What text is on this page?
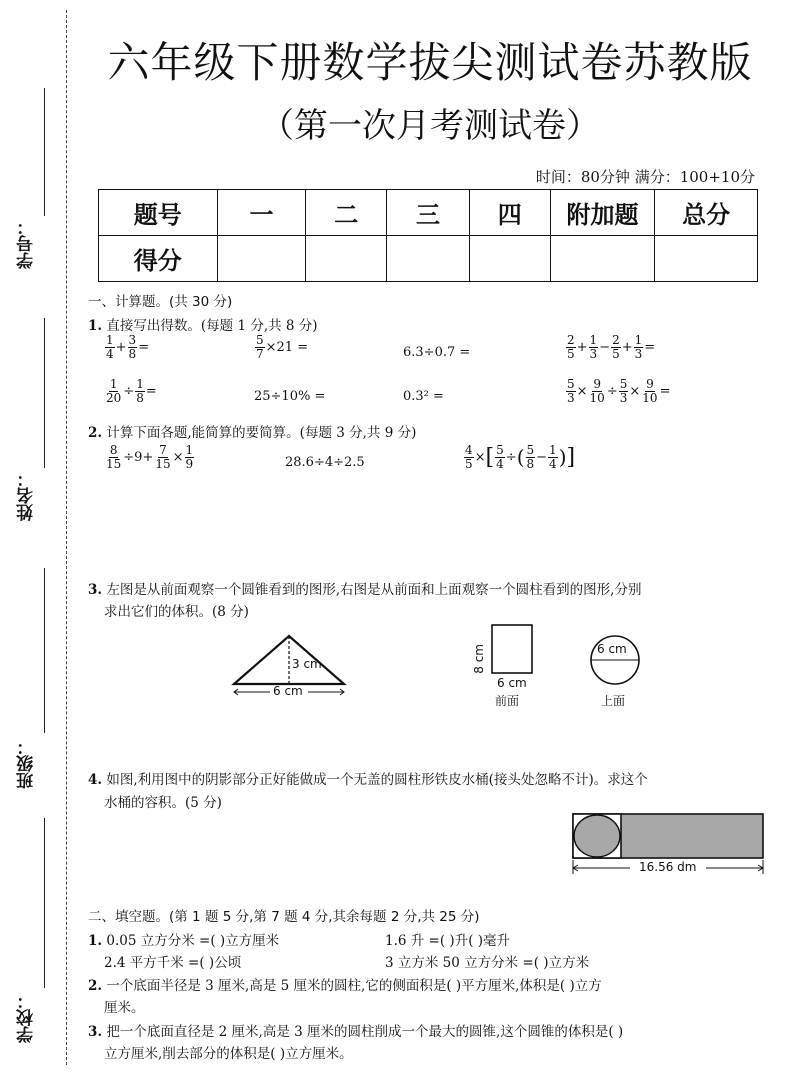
学号：
姓名：
班级：
学校：
六年级下册数学拔尖测试卷苏教版
（第一次月考测试卷）
时间：80分钟 满分：100+10分
题号	一	二	三	四	附加题	总分
得分						
一、计算题。(共 30 分)
1. 直接写出得数。(每题 1 分,共 8 分)
$\frac{1}{4} + \frac{3}{8}$ =	$\frac{5}{7} \times 21$ =	6.3÷0.7 =	$\frac{2}{5} + \frac{1}{3} - \frac{2}{5} + \frac{1}{3}$ =
$\frac{1}{20} \div \frac{1}{8}$ =	25÷10% =	0.3² =	$\frac{5}{3} \times \frac{9}{10} \div \frac{5}{3} \times \frac{9}{10}$ =
2. 计算下面各题,能简算的要简算。(每题 3 分,共 9 分)
$\frac{8}{15} \div 9+ \frac{7}{15} \times \frac{1}{9}$	28.6÷4÷2.5	$\frac{4}{5}$ × [ $\frac{5}{4}$ ÷ ( $\frac{5}{8} - \frac{1}{4}$ ) ]
3. 左图是从前面观察一个圆锥看到的图形,右图是从前面和上面观察一个圆柱看到的图形,分别
求出它们的体积。(8 分)
3 cm
6 cm
8 cm
6 cm
前面
6 cm
上面
4. 如图,利用图中的阴影部分正好能做成一个无盖的圆柱形铁皮水桶(接头处忽略不计)。求这个
水桶的容积。(5 分)
16.56 dm
二、填空题。(第 1 题 5 分,第 7 题 4 分,其余每题 2 分,共 25 分)
1. 0.05 立方分米 =( )立方厘米	1.6 升 =( )升( )毫升
2.4 平方千米 =( )公顷	3 立方米 50 立方分米 =( )立方米
2. 一个底面半径是 3 厘米,高是 5 厘米的圆柱,它的侧面积是( )平方厘米,体积是( )立方
厘米。
3. 把一个底面直径是 2 厘米,高是 3 厘米的圆柱削成一个最大的圆锥,这个圆锥的体积是( )
立方厘米,削去部分的体积是( )立方厘米。
